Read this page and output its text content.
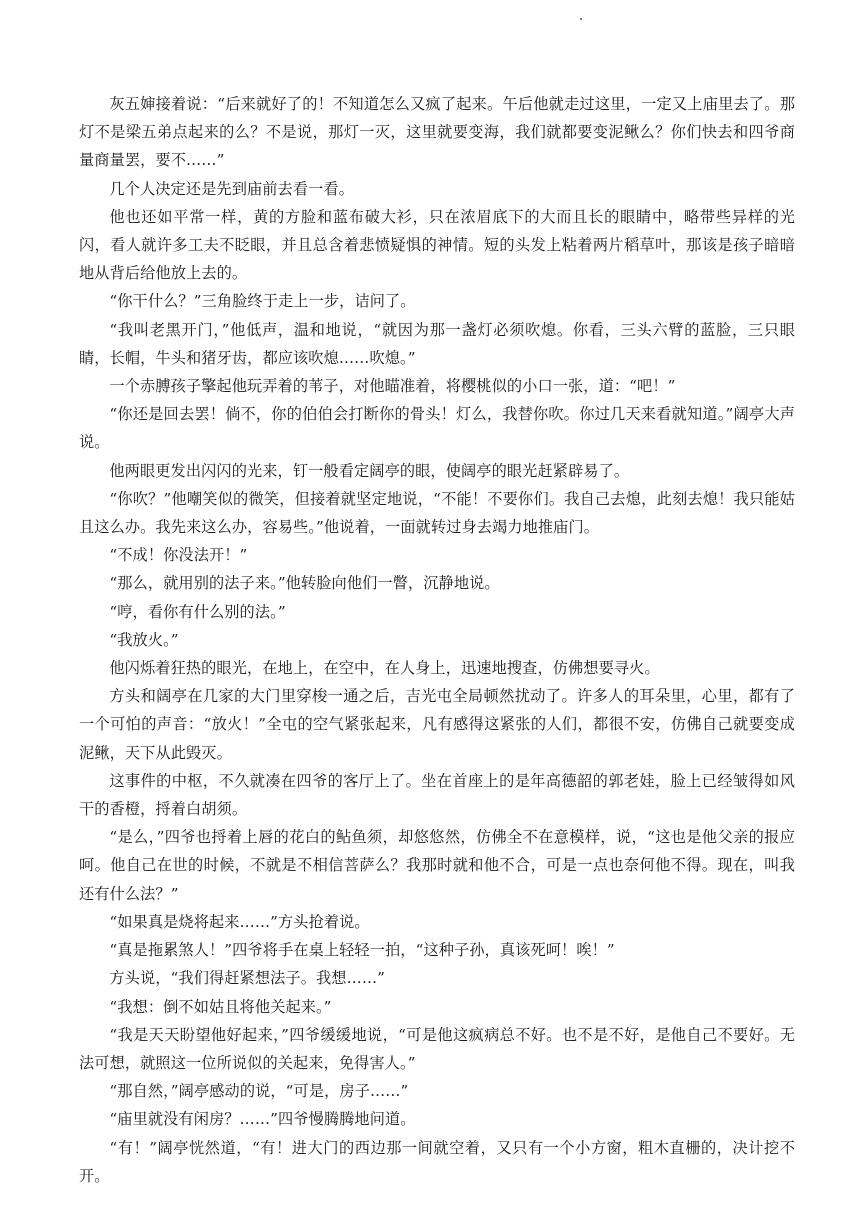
灰五婶接着说：“后来就好了的！不知道怎么又疯了起来。午后他就走过这里，一定又上庙里去了。那灯不是梁五弟点起来的么？不是说，那灯一灭，这里就要变海，我们就都要变泥鳅么？你们快去和四爷商量商量罢，要不……”

几个人决定还是先到庙前去看一看。

他也还如平常一样，黄的方脸和蓝布破大衫，只在浓眉底下的大而且长的眼睛中，略带些异样的光闪，看人就许多工夫不眨眼，并且总含着悲愤疑惧的神情。短的头发上粘着两片稻草叶，那该是孩子暗暗地从背后给他放上去的。

“你干什么？”三角脸终于走上一步，诘问了。

“我叫老黑开门，”他低声，温和地说，“就因为那一盏灯必须吹熄。你看，三头六臂的蓝脸，三只眼睛，长帽，牛头和猪牙齿，都应该吹熄……吹熄。”

一个赤膊孩子擎起他玩弄着的苇子，对他瞄准着，将樱桃似的小口一张，道：“吧！”

“你还是回去罢！倘不，你的伯伯会打断你的骨头！灯么，我替你吹。你过几天来看就知道。”阔亭大声说。

他两眼更发出闪闪的光来，钉一般看定阔亭的眼，使阔亭的眼光赶紧辟易了。

“你吹？”他嘲笑似的微笑，但接着就坚定地说，“不能！不要你们。我自己去熄，此刻去熄！我只能姑且这么办。我先来这么办，容易些。”他说着，一面就转过身去竭力地推庙门。

“不成！你没法开！”

“那么，就用别的法子来。”他转脸向他们一瞥，沉静地说。

“哼，看你有什么别的法。”

“我放火。”

他闪烁着狂热的眼光，在地上，在空中，在人身上，迅速地搜查，仿佛想要寻火。

方头和阔亭在几家的大门里穿梭一通之后，吉光屯全局顿然扰动了。许多人的耳朵里，心里，都有了一个可怕的声音：“放火！”全屯的空气紧张起来，凡有感得这紧张的人们，都很不安，仿佛自己就要变成泥鳅，天下从此毁灭。

这事件的中枢，不久就凑在四爷的客厅上了。坐在首座上的是年高德韶的郭老娃，脸上已经皱得如风干的香橙，捋着白胡须。

“是么，”四爷也捋着上唇的花白的鲇鱼须，却悠悠然，仿佛全不在意模样，说，“这也是他父亲的报应呵。他自己在世的时候，不就是不相信菩萨么？我那时就和他不合，可是一点也奈何他不得。现在，叫我还有什么法？”

“如果真是烧将起来……”方头抢着说。

“真是拖累煞人！”四爷将手在桌上轻轻一拍，“这种子孙，真该死呵！唉！”

方头说，“我们得赶紧想法子。我想……”

“我想：倒不如姑且将他关起来。”

“我是天天盼望他好起来，”四爷缓缓地说，“可是他这疯病总不好。也不是不好，是他自己不要好。无法可想，就照这一位所说似的关起来，免得害人。”

“那自然，”阔亭感动的说，“可是，房子……”

“庙里就没有闲房？……”四爷慢腾腾地问道。

“有！”阔亭恍然道，“有！进大门的西边那一间就空着，又只有一个小方窗，粗木直栅的，决计挖不开。
